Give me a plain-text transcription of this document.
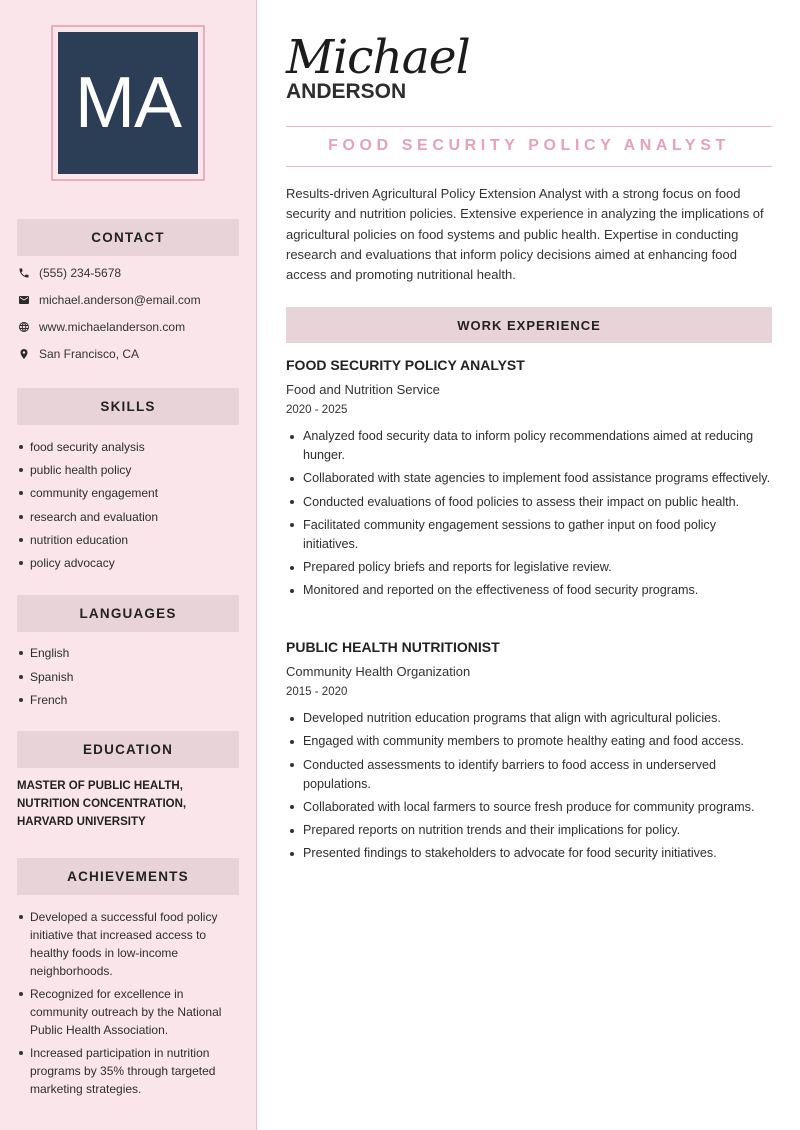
MA
CONTACT
(555) 234-5678
michael.anderson@email.com
www.michaelanderson.com
San Francisco, CA
SKILLS
food security analysis
public health policy
community engagement
research and evaluation
nutrition education
policy advocacy
LANGUAGES
English
Spanish
French
EDUCATION
MASTER OF PUBLIC HEALTH,
NUTRITION CONCENTRATION,
HARVARD UNIVERSITY
ACHIEVEMENTS
Developed a successful food policy initiative that increased access to healthy foods in low-income neighborhoods.
Recognized for excellence in community outreach by the National Public Health Association.
Increased participation in nutrition programs by 35% through targeted marketing strategies.
Michael
ANDERSON
FOOD SECURITY POLICY ANALYST

Results-driven Agricultural Policy Extension Analyst with a strong focus on food security and nutrition policies. Extensive experience in analyzing the implications of agricultural policies on food systems and public health. Expertise in conducting research and evaluations that inform policy decisions aimed at enhancing food access and promoting nutritional health.

WORK EXPERIENCE
FOOD SECURITY POLICY ANALYST
Food and Nutrition Service
2020 - 2025
Analyzed food security data to inform policy recommendations aimed at reducing hunger.
Collaborated with state agencies to implement food assistance programs effectively.
Conducted evaluations of food policies to assess their impact on public health.
Facilitated community engagement sessions to gather input on food policy initiatives.
Prepared policy briefs and reports for legislative review.
Monitored and reported on the effectiveness of food security programs.
PUBLIC HEALTH NUTRITIONIST
Community Health Organization
2015 - 2020
Developed nutrition education programs that align with agricultural policies.
Engaged with community members to promote healthy eating and food access.
Conducted assessments to identify barriers to food access in underserved populations.
Collaborated with local farmers to source fresh produce for community programs.
Prepared reports on nutrition trends and their implications for policy.
Presented findings to stakeholders to advocate for food security initiatives.
